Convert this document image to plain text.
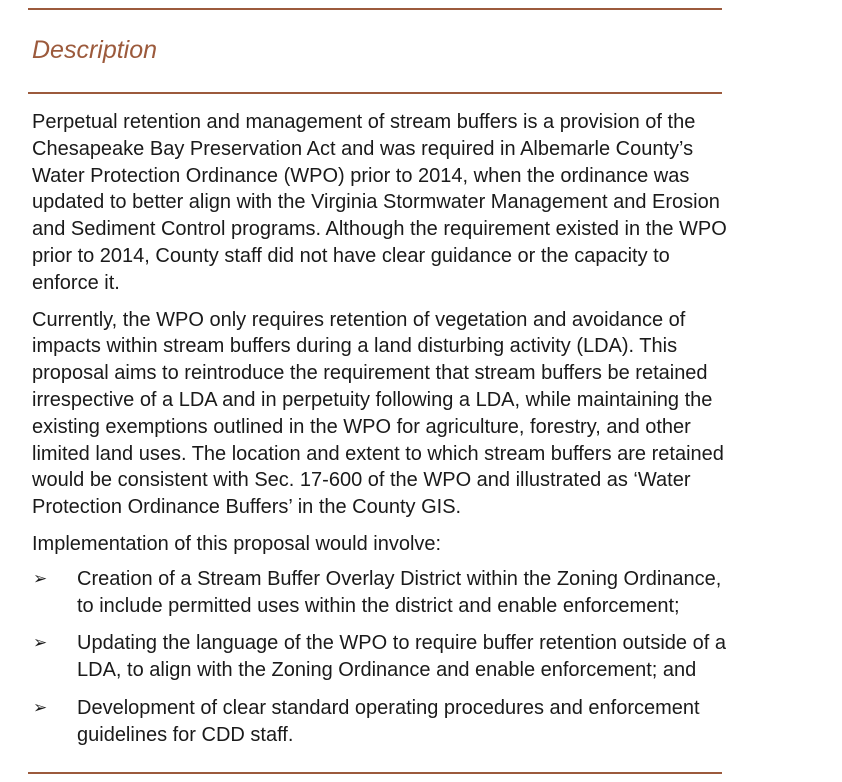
Description

Perpetual retention and management of stream buffers is a provision of the
Chesapeake Bay Preservation Act and was required in Albemarle County’s
Water Protection Ordinance (WPO) prior to 2014, when the ordinance was
updated to better align with the Virginia Stormwater Management and Erosion
and Sediment Control programs. Although the requirement existed in the WPO
prior to 2014, County staff did not have clear guidance or the capacity to
enforce it.

Currently, the WPO only requires retention of vegetation and avoidance of
impacts within stream buffers during a land disturbing activity (LDA). This
proposal aims to reintroduce the requirement that stream buffers be retained
irrespective of a LDA and in perpetuity following a LDA, while maintaining the
existing exemptions outlined in the WPO for agriculture, forestry, and other
limited land uses. The location and extent to which stream buffers are retained
would be consistent with Sec. 17-600 of the WPO and illustrated as ‘Water
Protection Ordinance Buffers’ in the County GIS.

Implementation of this proposal would involve:

➢ Creation of a Stream Buffer Overlay District within the Zoning Ordinance,
to include permitted uses within the district and enable enforcement;
➢ Updating the language of the WPO to require buffer retention outside of a
LDA, to align with the Zoning Ordinance and enable enforcement; and
➢ Development of clear standard operating procedures and enforcement
guidelines for CDD staff.
